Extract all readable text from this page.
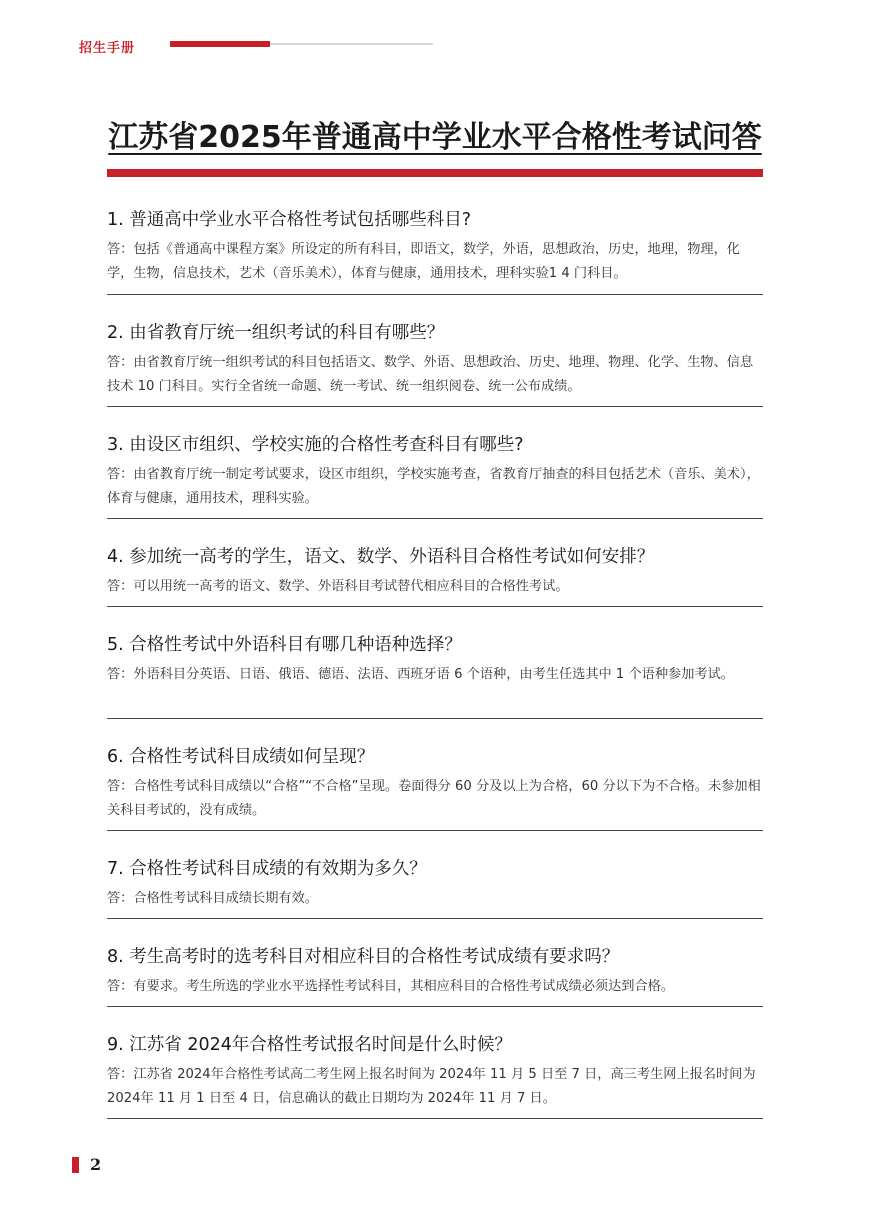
招生手册
江苏省2025年普通高中学业水平合格性考试问答

1. 普通高中学业水平合格性考试包括哪些科目?

答：包括《普通高中课程方案》所设定的所有科目，即语文，数学，外语，思想政治，历史，地理，物理，化学，生物，信息技术，艺术（音乐美术），体育与健康，通用技术，理科实验1 4 门科目。

2. 由省教育厅统一组织考试的科目有哪些？

答：由省教育厅统一组织考试的科目包括语文、数学、外语、思想政治、历史、地理、物理、化学、生物、信息技术 10 门科目。实行全省统一命题、统一考试、统一组织阅卷、统一公布成绩。

3. 由设区市组织、学校实施的合格性考查科目有哪些?

答：由省教育厅统一制定考试要求，设区市组织，学校实施考查，省教育厅抽查的科目包括艺术（音乐、美术），体育与健康，通用技术，理科实验。

4. 参加统一高考的学生，语文、数学、外语科目合格性考试如何安排？

答：可以用统一高考的语文、数学、外语科目考试替代相应科目的合格性考试。

5. 合格性考试中外语科目有哪几种语种选择？

答：外语科目分英语、日语、俄语、德语、法语、西班牙语 6 个语种，由考生任选其中 1 个语种参加考试。

6. 合格性考试科目成绩如何呈现？

答：合格性考试科目成绩以“合格”“不合格”呈现。卷面得分 60 分及以上为合格，60 分以下为不合格。未参加相关科目考试的，没有成绩。

7. 合格性考试科目成绩的有效期为多久？

答：合格性考试科目成绩长期有效。

8. 考生高考时的选考科目对相应科目的合格性考试成绩有要求吗？

答：有要求。考生所选的学业水平选择性考试科目，其相应科目的合格性考试成绩必须达到合格。

9. 江苏省 2024年合格性考试报名时间是什么时候？

答：江苏省 2024年合格性考试高二考生网上报名时间为 2024年 11 月 5 日至 7 日，高三考生网上报名时间为 2024年 11 月 1 日至 4 日，信息确认的截止日期均为 2024年 11 月 7 日。

2
